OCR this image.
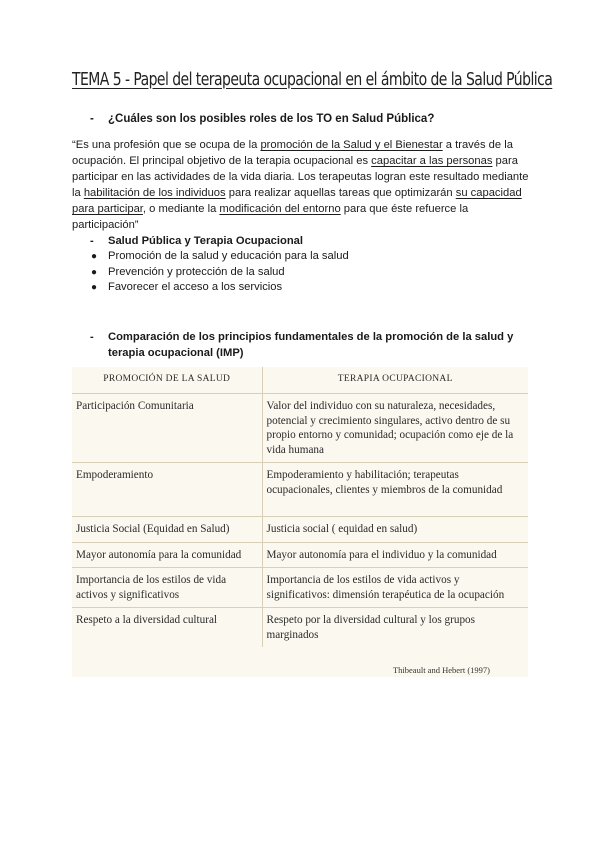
TEMA 5 - Papel del terapeuta ocupacional en el ámbito de la Salud Pública
- ¿Cuáles son los posibles roles de los TO en Salud Pública?

“Es una profesión que se ocupa de la promoción de la Salud y el Bienestar a través de la

ocupación. El principal objetivo de la terapia ocupacional es capacitar a las personas para

participar en las actividades de la vida diaria. Los terapeutas logran este resultado mediante

la habilitación de los individuos para realizar aquellas tareas que optimizarán su capacidad

para participar, o mediante la modificación del entorno para que éste refuerce la

participación”

- Salud Pública y Terapia Ocupacional
● Promoción de la salud y educación para la salud
● Prevención y protección de la salud
● Favorecer el acceso a los servicios
- Comparación de los principios fundamentales de la promoción de la salud y terapia ocupacional (IMP)
PROMOCIÓN DE LA SALUD	TERAPIA OCUPACIONAL
Participación Comunitaria	Valor del individuo con su naturaleza, necesidades, potencial y crecimiento singulares, activo dentro de su propio entorno y comunidad; ocupación como eje de la vida humana
Empoderamiento	Empoderamiento y habilitación; terapeutas ocupacionales, clientes y miembros de la comunidad
Justicia Social (Equidad en Salud)	Justicia social ( equidad en salud)
Mayor autonomía para la comunidad	Mayor autonomía para el individuo y la comunidad
Importancia de los estilos de vida activos y significativos	Importancia de los estilos de vida activos y significativos: dimensión terapéutica de la ocupación
Respeto a la diversidad cultural	Respeto por la diversidad cultural y los grupos marginados
Thibeault and Hebert (1997)
